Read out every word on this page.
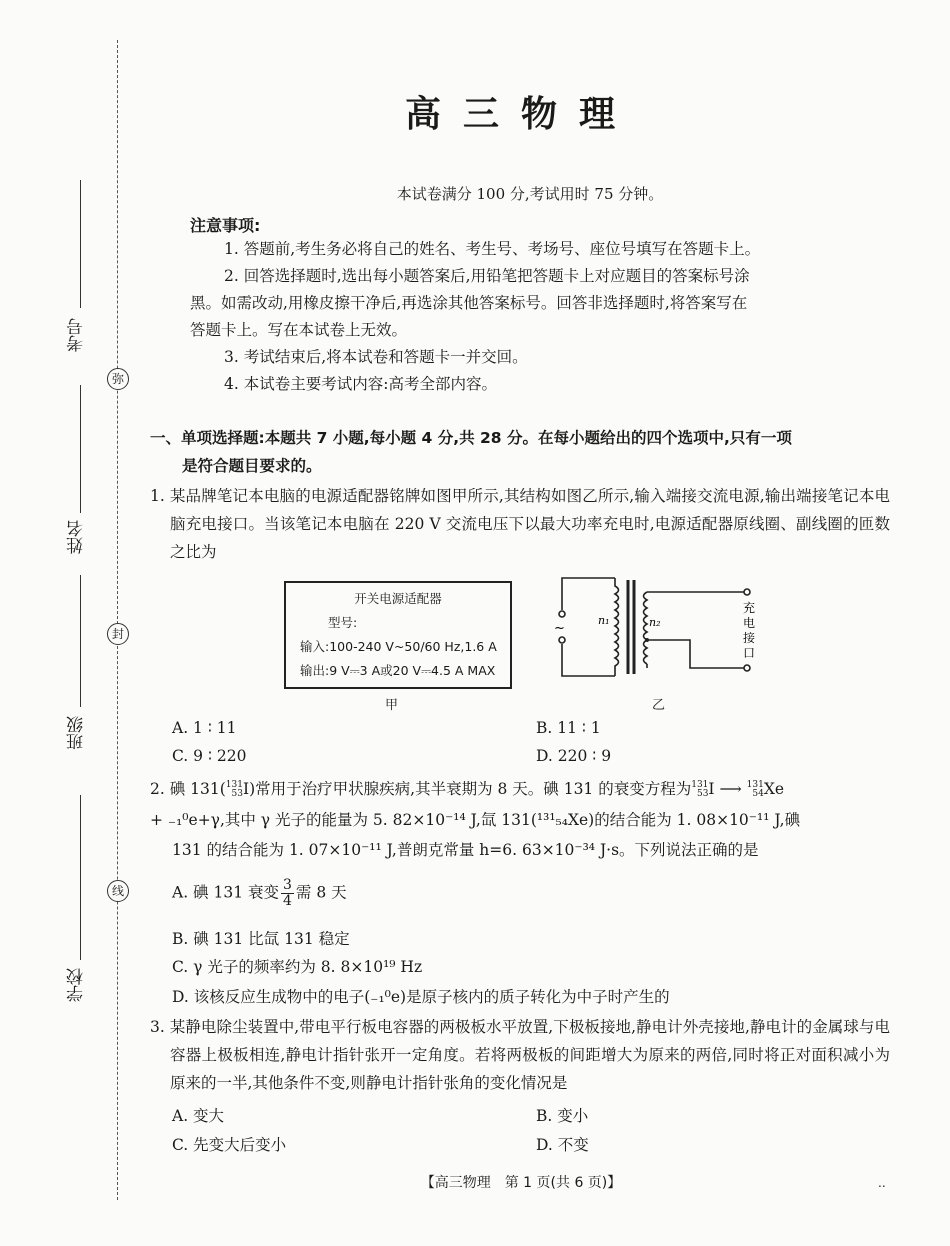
考号
姓名
班级
学校
弥
封
线
高三物理
本试卷满分 100 分,考试用时 75 分钟。
注意事项:
1. 答题前,考生务必将自己的姓名、考生号、考场号、座位号填写在答题卡上。
2. 回答选择题时,选出每小题答案后,用铅笔把答题卡上对应题目的答案标号涂
黑。如需改动,用橡皮擦干净后,再选涂其他答案标号。回答非选择题时,将答案写在
答题卡上。写在本试卷上无效。
3. 考试结束后,将本试卷和答题卡一并交回。
4. 本试卷主要考试内容:高考全部内容。
一、单项选择题:本题共 7 小题,每小题 4 分,共 28 分。在每小题给出的四个选项中,只有一项
是符合题目要求的。
1. 某品牌笔记本电脑的电源适配器铭牌如图甲所示,其结构如图乙所示,输入端接交流电源,输出端接笔记本电脑充电接口。当该笔记本电脑在 220 V 交流电压下以最大功率充电时,电源适配器原线圈、副线圈的匝数之比为
开关电源适配器
型号:
输入:100-240 V~50/60 Hz,1.6 A
输出:9 V⎓3 A或20 V⎓4.5 A MAX
甲
~
n₁	n₂
充
电
接
口
乙
A. 1 ∶ 11	B. 11 ∶ 1
C. 9 ∶ 220	D. 220 ∶ 9
2. 碘 131( 131
53 I)常用于治疗甲状腺疾病,其半衰期为 8 天。碘 131 的衰变方程为 131
53 I ⟶ 131
54 Xe
+ ₋₁⁰e+γ,其中 γ 光子的能量为 5. 82×10⁻¹⁴ J,氙 131(¹³¹₅₄Xe)的结合能为 1. 08×10⁻¹¹ J,碘
131 的结合能为 1. 07×10⁻¹¹ J,普朗克常量 h=6. 63×10⁻³⁴ J·s。下列说法正确的是
A. 碘 131 衰变 $\frac{3}{4}$ 需 8 天
B. 碘 131 比氙 131 稳定
C. γ 光子的频率约为 8. 8×10¹⁹ Hz
D. 该核反应生成物中的电子(₋₁⁰e)是原子核内的质子转化为中子时产生的
3. 某静电除尘装置中,带电平行板电容器的两极板水平放置,下极板接地,静电计外壳接地,静电计的金属球与电容器上极板相连,静电计指针张开一定角度。若将两极板的间距增大为原来的两倍,同时将正对面积减小为原来的一半,其他条件不变,则静电计指针张角的变化情况是
A. 变大	B. 变小
C. 先变大后变小	D. 不变
【高三物理　第 1 页(共 6 页)】	..
